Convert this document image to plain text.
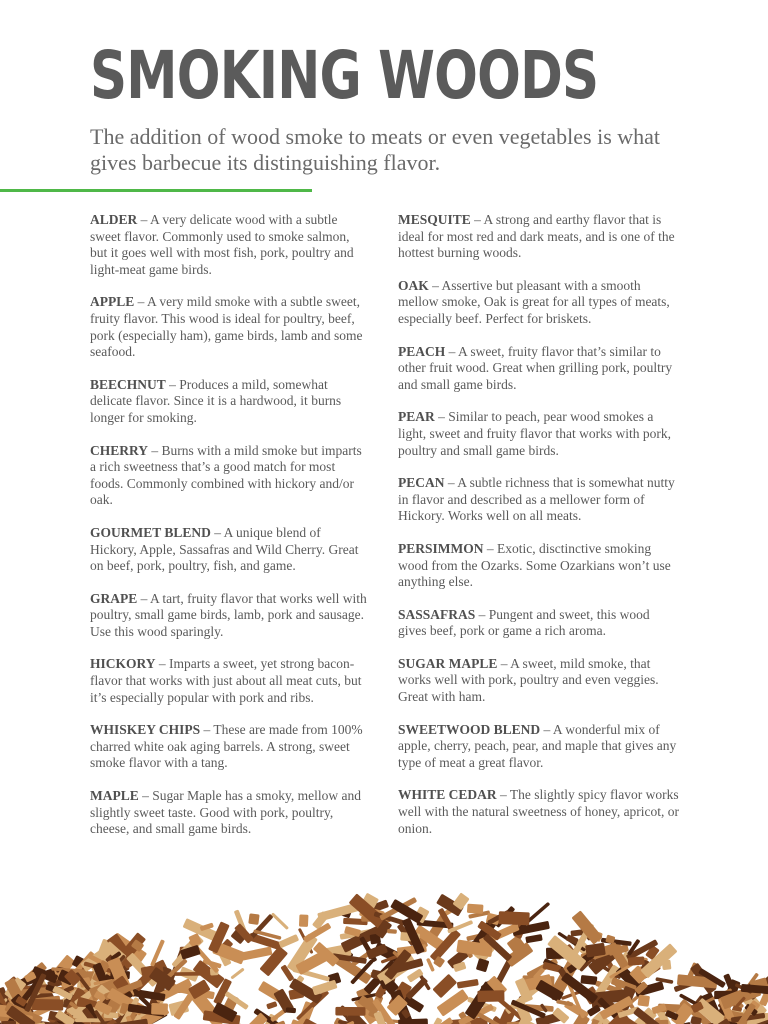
SMOKING WOODS
The addition of wood smoke to meats or even vegetables is what gives barbecue its distinguishing flavor.

ALDER – A very delicate wood with a subtle sweet flavor. Commonly used to smoke salmon, but it goes well with most fish, pork, poultry and light-meat game birds.

APPLE – A very mild smoke with a subtle sweet, fruity flavor. This wood is ideal for poultry, beef, pork (especially ham), game birds, lamb and some seafood.

BEECHNUT – Produces a mild, somewhat delicate flavor. Since it is a hardwood, it burns longer for smoking.

CHERRY – Burns with a mild smoke but imparts a rich sweetness that’s a good match for most foods. Commonly combined with hickory and/or oak.

GOURMET BLEND – A unique blend of Hickory, Apple, Sassafras and Wild Cherry. Great on beef, pork, poultry, fish, and game.

GRAPE – A tart, fruity flavor that works well with poultry, small game birds, lamb, pork and sausage. Use this wood sparingly.

HICKORY – Imparts a sweet, yet strong bacon-flavor that works with just about all meat cuts, but it’s especially popular with pork and ribs.

WHISKEY CHIPS – These are made from 100% charred white oak aging barrels. A strong, sweet smoke flavor with a tang.

MAPLE – Sugar Maple has a smoky, mellow and slightly sweet taste. Good with pork, poultry, cheese, and small game birds.

MESQUITE – A strong and earthy flavor that is ideal for most red and dark meats, and is one of the hottest burning woods.

OAK – Assertive but pleasant with a smooth mellow smoke, Oak is great for all types of meats, especially beef. Perfect for briskets.

PEACH – A sweet, fruity flavor that’s similar to other fruit wood. Great when grilling pork, poultry and small game birds.

PEAR – Similar to peach, pear wood smokes a light, sweet and fruity flavor that works with pork, poultry and small game birds.

PECAN – A subtle richness that is somewhat nutty in flavor and described as a mellower form of Hickory. Works well on all meats.

PERSIMMON – Exotic, disctinctive smoking wood from the Ozarks. Some Ozarkians won’t use anything else.

SASSAFRAS – Pungent and sweet, this wood gives beef, pork or game a rich aroma.

SUGAR MAPLE – A sweet, mild smoke, that works well with pork, poultry and even veggies. Great with ham.

SWEETWOOD BLEND – A wonderful mix of apple, cherry, peach, pear, and maple that gives any type of meat a great flavor.

WHITE CEDAR – The slightly spicy flavor works well with the natural sweetness of honey, apricot, or onion.
